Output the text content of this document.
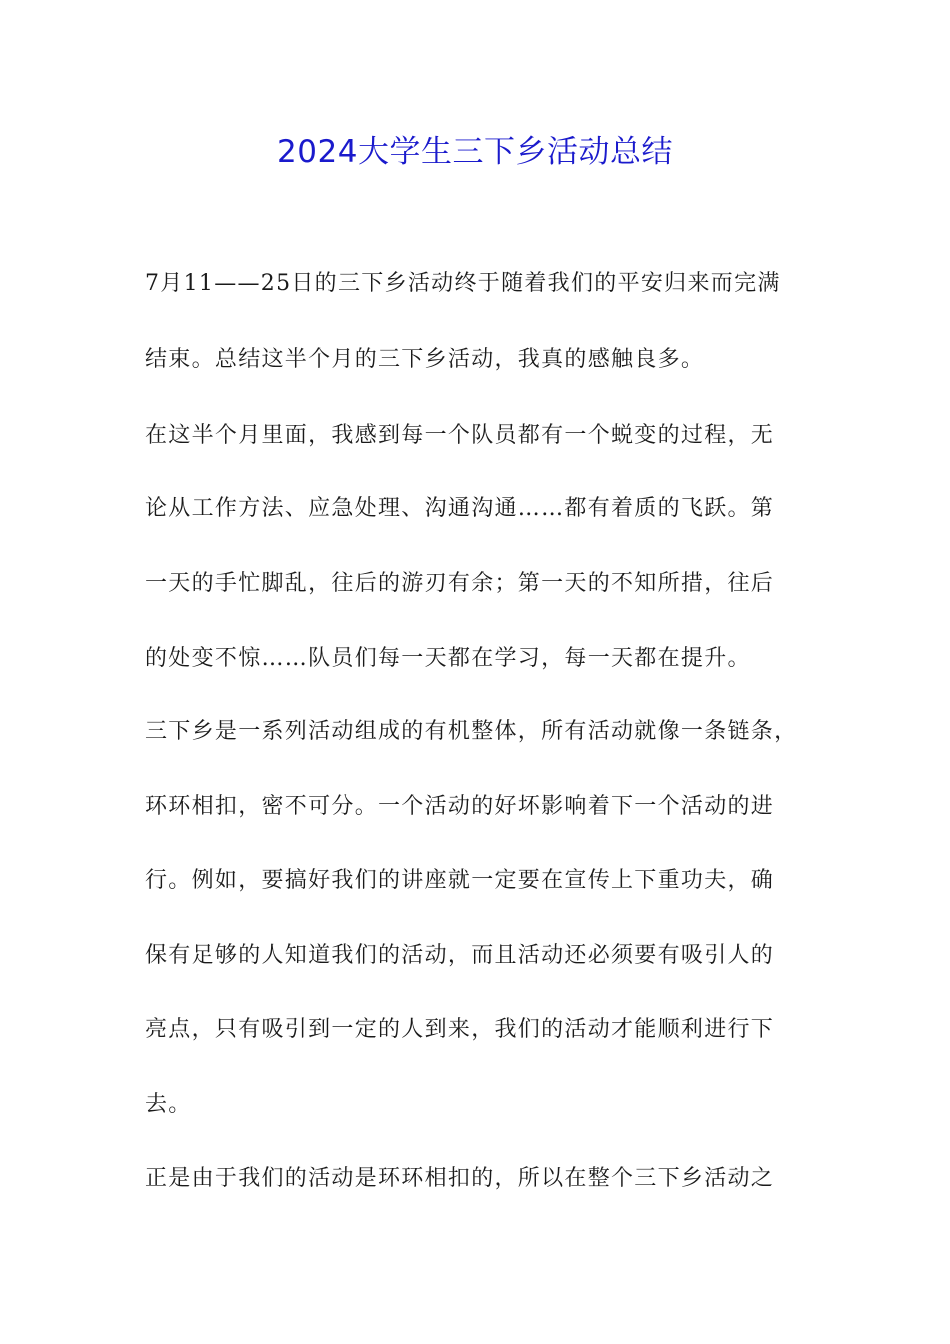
2024大学生三下乡活动总结
7月11——25日的三下乡活动终于随着我们的平安归来而完满
结束。总结这半个月的三下乡活动，我真的感触良多。
在这半个月里面，我感到每一个队员都有一个蜕变的过程，无
论从工作方法、应急处理、沟通沟通……都有着质的飞跃。第
一天的手忙脚乱，往后的游刃有余；第一天的不知所措，往后
的处变不惊……队员们每一天都在学习，每一天都在提升。
三下乡是一系列活动组成的有机整体，所有活动就像一条链条，
环环相扣，密不可分。一个活动的好坏影响着下一个活动的进
行。例如，要搞好我们的讲座就一定要在宣传上下重功夫，确
保有足够的人知道我们的活动，而且活动还必须要有吸引人的
亮点，只有吸引到一定的人到来，我们的活动才能顺利进行下
去。
正是由于我们的活动是环环相扣的，所以在整个三下乡活动之
